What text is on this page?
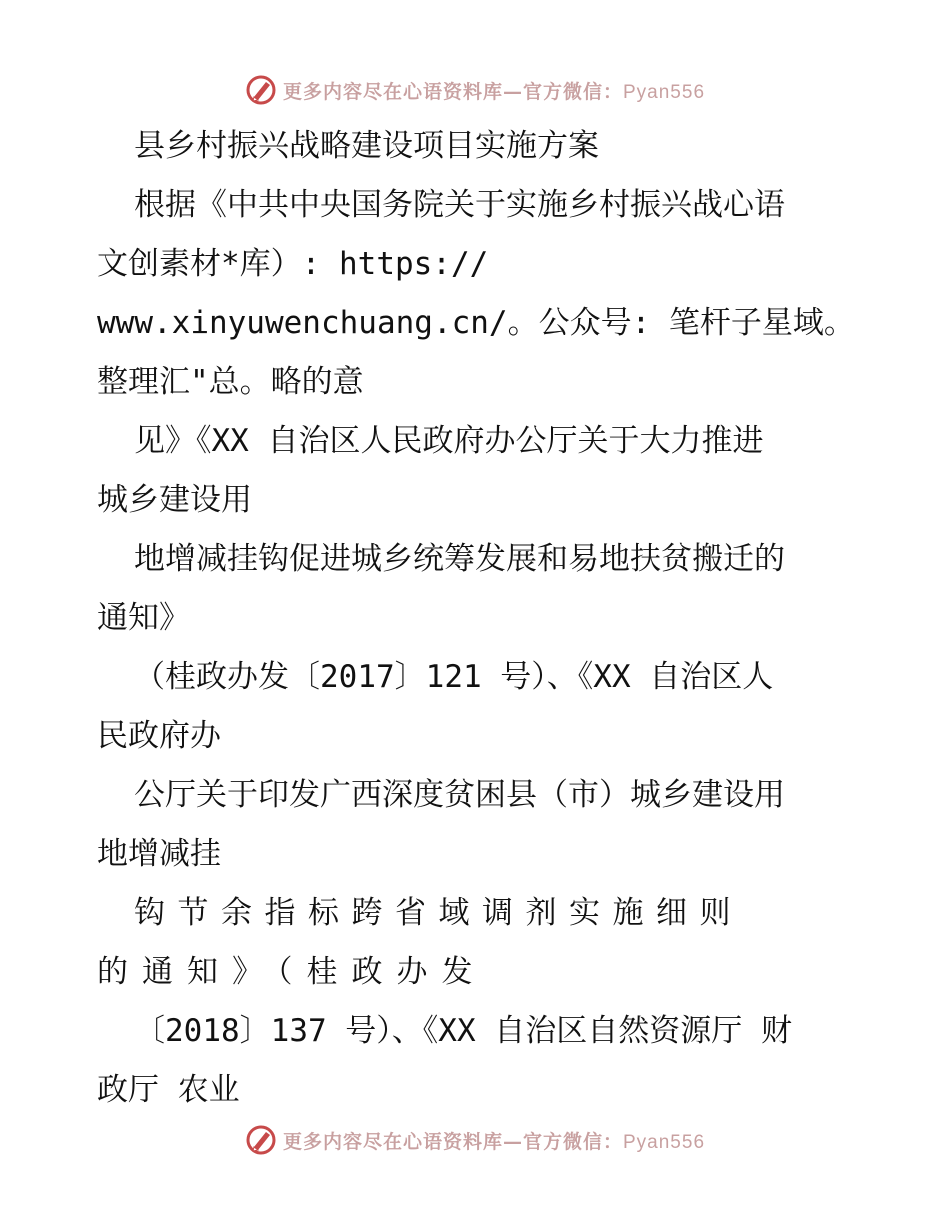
更多内容尽在心语资料库—官方微信：Pyan556
县乡村振兴战略建设项目实施方案
根据《中共中央国务院关于实施乡村振兴战心语
文创素材*库）: https://
www.xinyuwenchuang.cn/。公众号: 笔杆子星域。
整理汇"总。略的意
见》《XX 自治区人民政府办公厅关于大力推进
城乡建设用
地增减挂钩促进城乡统筹发展和易地扶贫搬迁的
通知》
（桂政办发〔2017〕121 号）、《XX 自治区人
民政府办
公厅关于印发广西深度贫困县（市）城乡建设用
地增减挂
钩节余指标跨省域调剂实施细则
的通知》（桂政办发
〔2018〕137 号）、《XX 自治区自然资源厅 财
政厅 农业
更多内容尽在心语资料库—官方微信：Pyan556
